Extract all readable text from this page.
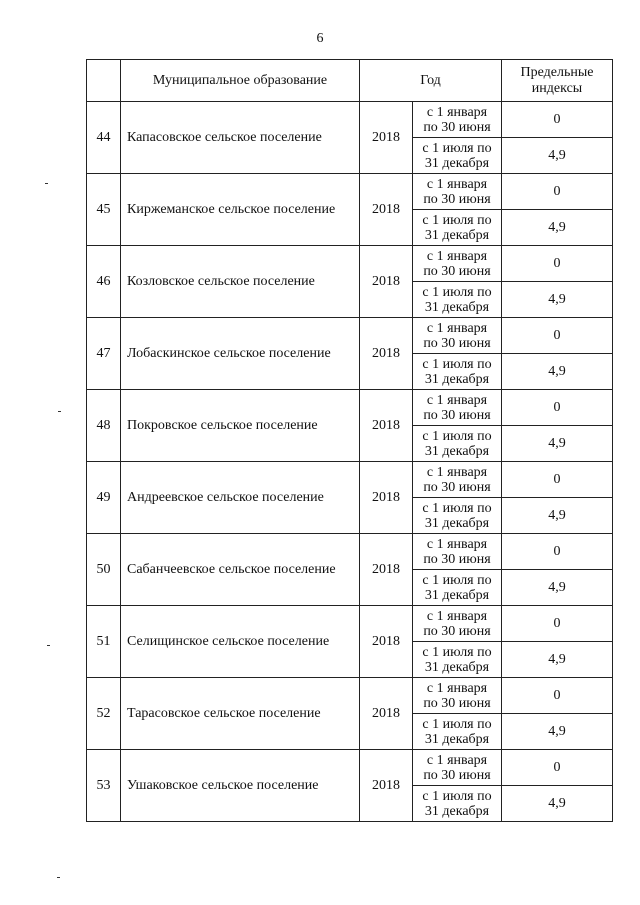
6
	Муниципальное образование	Год		Предельные индексы
44	Капасовское сельское поселение	2018	с 1 января
по 30 июня	0

			с 1 июля по
31 декабря	4,9
45	Киржеманское сельское поселение	2018	с 1 января
по 30 июня	0

			с 1 июля по
31 декабря	4,9
46	Козловское сельское поселение	2018	с 1 января
по 30 июня	0

			с 1 июля по
31 декабря	4,9
47	Лобаскинское сельское поселение	2018	с 1 января
по 30 июня	0

			с 1 июля по
31 декабря	4,9
48	Покровское сельское поселение	2018	с 1 января
по 30 июня	0

			с 1 июля по
31 декабря	4,9
49	Андреевское сельское поселение	2018	с 1 января
по 30 июня	0

			с 1 июля по
31 декабря	4,9
50	Сабанчеевское сельское поселение	2018	с 1 января
по 30 июня	0

			с 1 июля по
31 декабря	4,9
51	Селищинское сельское поселение	2018	с 1 января
по 30 июня	0

			с 1 июля по
31 декабря	4,9
52	Тарасовское сельское поселение	2018	с 1 января
по 30 июня	0

			с 1 июля по
31 декабря	4,9
53	Ушаковское сельское поселение	2018	с 1 января
по 30 июня	0

			с 1 июля по
31 декабря	4,9
